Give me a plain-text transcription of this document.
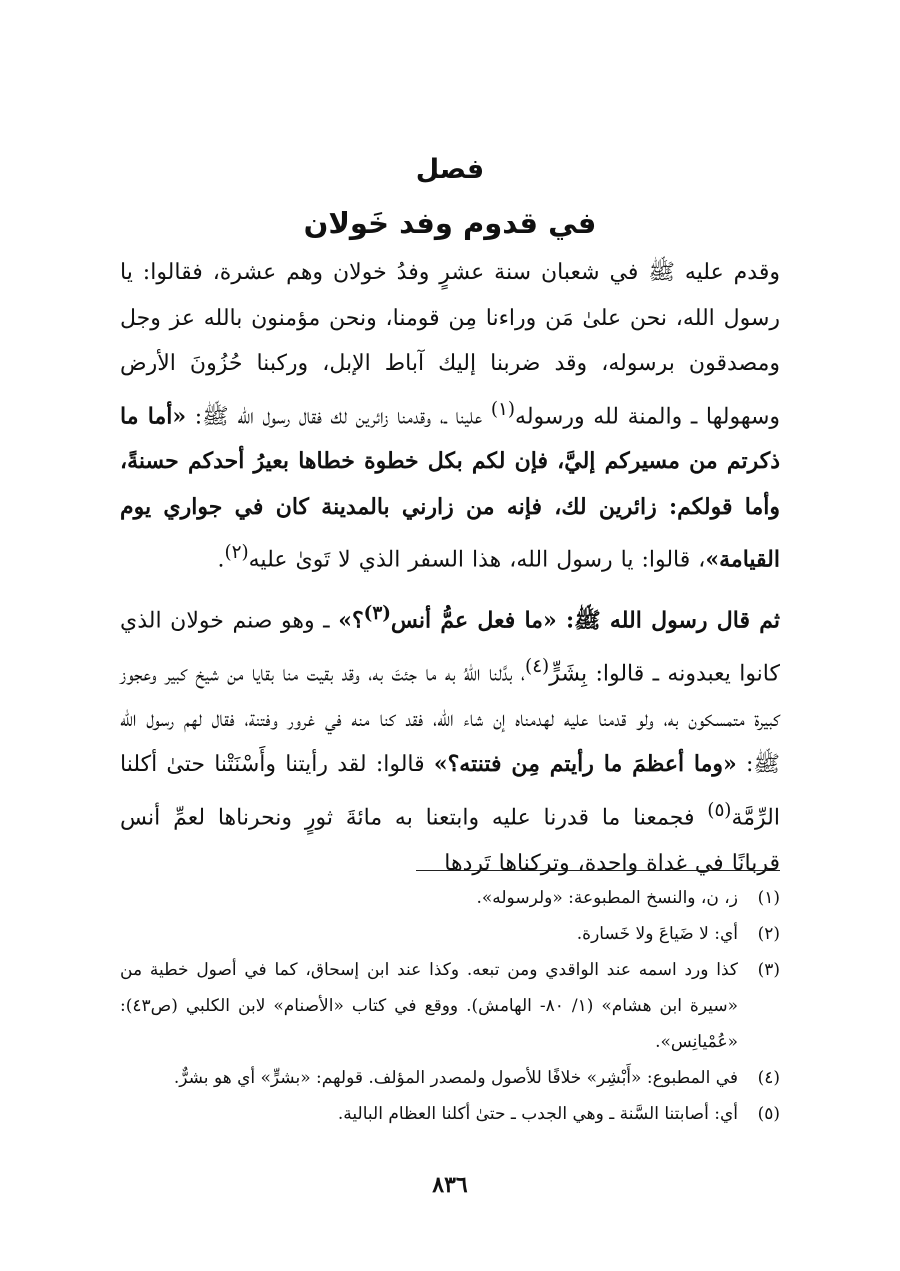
فصل
في قدوم وفد خَولان

وقدم عليه ﷺ في شعبان سنة عشرٍ وفدُ خولان وهم عشرة، فقالوا: يا رسول الله، نحن علىٰ مَن وراءنا مِن قومنا، ونحن مؤمنون بالله عز وجل ومصدقون برسوله، وقد ضربنا إليك آباط الإبل، وركبنا حُزُونَ الأرض وسهولها ـ والمنة لله ورسوله$^{(١)}$ علينا ـ، وقدمنا زائرين لك فقال رسول الله ﷺ: «أما ما ذكرتم من مسيركم إليَّ، فإن لكم بكل خطوة خطاها بعيرُ أحدكم حسنةً، وأما قولكم: زائرين لك، فإنه من زارني بالمدينة كان في جواري يوم القيامة»، قالوا: يا رسول الله، هذا السفر الذي لا تَوىٰ عليه$^{(٢)}$.

ثم قال رسول الله ﷺ: «ما فعل عمُّ أنس$^{(٣)}$؟» ـ وهو صنم خولان الذي كانوا يعبدونه ـ قالوا: بِشَرٍّ$^{(٤)}$، بدَّلنا اللهُ به ما جئتَ به، وقد بقيت منا بقايا من شيخ كبير وعجوز كبيرة متمسكون به، ولو قدمنا عليه لهدمناه إن شاء الله، فقد كنا منه في غرور وفتنة، فقال لهم رسول الله ﷺ: «وما أعظمَ ما رأيتم مِن فتنته؟» قالوا: لقد رأيتنا وأَسْنَتْنا حتىٰ أكلنا الرِّمَّة$^{(٥)}$ فجمعنا ما قدرنا عليه وابتعنا به مائةَ ثورٍ ونحرناها لعمِّ أنس قربانًا في غداة واحدة، وتركناها تَردها

(١)
ز، ن، والنسخ المطبوعة: «ولرسوله».
(٢)
أي: لا ضَياعَ ولا خَسارة.
(٣)
كذا ورد اسمه عند الواقدي ومن تبعه. وكذا عند ابن إسحاق، كما في أصول خطية من «سيرة ابن هشام» (١/ ٨٠- الهامش). ووقع في كتاب «الأصنام» لابن الكلبي (ص٤٣): «عُمْيانِس».
(٤)
في المطبوع: «أَبْشِر» خلافًا للأصول ولمصدر المؤلف. قولهم: «بشرٍّ» أي هو بشرٌّ.
(٥)
أي: أصابتنا السَّنة ـ وهي الجدب ـ حتىٰ أكلنا العظام البالية.
٨٣٦
